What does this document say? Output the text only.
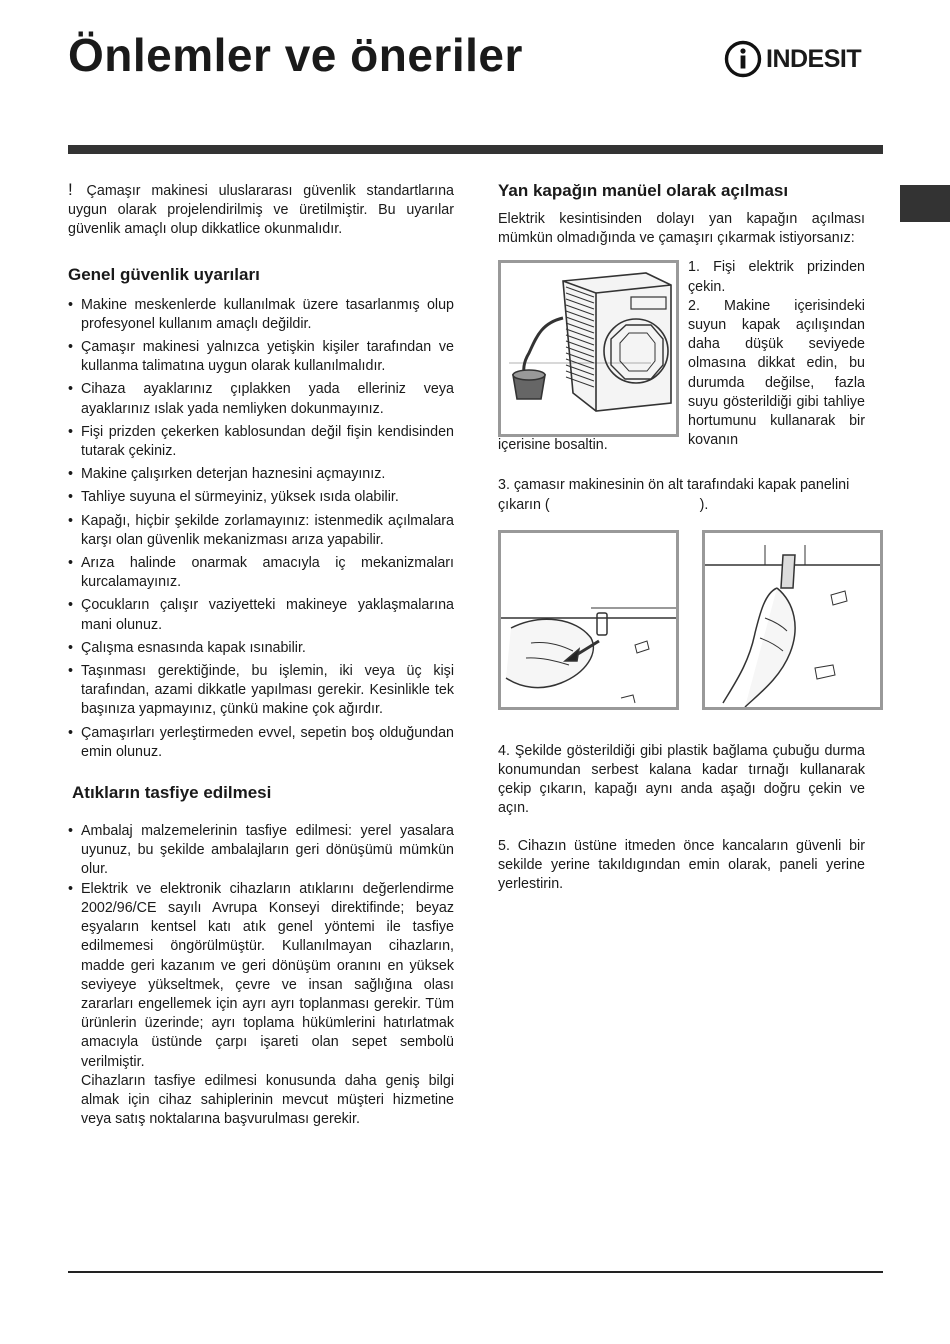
Önlemler ve öneriler	INDESIT

! Çamaşır makinesi uluslararası güvenlik standartlarına uygun olarak projelendirilmiş ve üretilmiştir. Bu uyarılar güvenlik amaçlı olup dikkatlice okunmalıdır.

Genel güvenlik uyarıları
• Makine meskenlerde kullanılmak üzere tasarlanmış olup profesyonel kullanım amaçlı değildir.
• Çamaşır makinesi yalnızca yetişkin kişiler tarafından ve kullanma talimatına uygun olarak kullanılmalıdır.
• Cihaza ayaklarınız çıplakken yada elleriniz veya ayaklarınız ıslak yada nemliyken dokunmayınız.
• Fişi prizden çekerken kablosundan değil fişin kendisinden tutarak çekiniz.
• Makine çalışırken deterjan haznesini açmayınız.
• Tahliye suyuna el sürmeyiniz, yüksek ısıda olabilir.
• Kapağı, hiçbir şekilde zorlamayınız: istenmedik açılmalara karşı olan güvenlik mekanizması arıza yapabilir.
• Arıza halinde onarmak amacıyla iç mekanizmaları kurcalamayınız.
• Çocukların çalışır vaziyetteki makineye yaklaşmalarına mani olunuz.
• Çalışma esnasında kapak ısınabilir.
• Taşınması gerektiğinde, bu işlemin, iki veya üç kişi tarafından, azami dikkatle yapılması gerekir. Kesinlikle tek başınıza yapmayınız, çünkü makine çok ağırdır.
• Çamaşırları yerleştirmeden evvel, sepetin boş olduğundan emin olunuz.
Atıkların tasfiye edilmesi
• Ambalaj malzemelerinin tasfiye edilmesi: yerel yasalara uyunuz, bu şekilde ambalajların geri dönüşümü mümkün olur.
• Elektrik ve elektronik cihazların atıklarını değerlendirme 2002/96/CE sayılı Avrupa Konseyi direktifinde; beyaz eşyaların kentsel katı atık genel yöntemi ile tasfiye edilmemesi öngörülmüştür. Kullanılmayan cihazların, madde geri kazanım ve geri dönüşüm oranını en yüksek seviyeye yükseltmek, çevre ve insan sağlığına olası zararları engellemek için ayrı ayrı toplanması gerekir. Tüm ürünlerin üzerinde; ayrı toplama hükümlerini hatırlatmak amacıyla üstünde çarpı işareti olan sepet sembolü verilmiştir.
Cihazların tasfiye edilmesi konusunda daha geniş bilgi almak için cihaz sahiplerinin mevcut müşteri hizmetine veya satış noktalarına başvurulması gerekir.
Yan kapağın manüel olarak açılması

Elektrik kesintisinden dolayı yan kapağın açılması mümkün olmadığında ve çamaşırı çıkarmak istiyorsanız:

1. Fişi elektrik prizinden çekin.

2. Makine içerisindeki suyun kapak açılışından daha düşük seviyede olmasına dikkat edin, bu durumda değilse, fazla suyu gösterildiği gibi tahliye hortumunu kullanarak bir kovanın

içerisine bosaltin.

3. çamasır makinesinin ön alt tarafındaki kapak panelini çıkarın (	).

4. Şekilde gösterildiği gibi plastik bağlama çubuğu durma konumundan serbest kalana kadar tırnağı kullanarak çekip çıkarın, kapağı aynı anda aşağı doğru çekin ve açın.

5. Cihazın üstüne itmeden önce kancaların güvenli bir sekilde yerine takıldıgından emin olarak, paneli yerine yerlestirin.
